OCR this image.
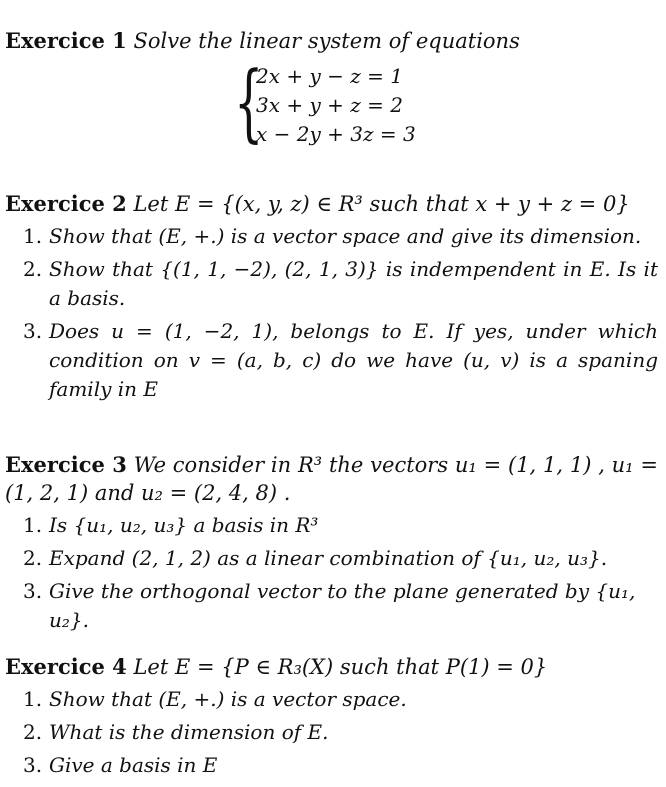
Exercice 1 Solve the linear system of equations
{
2x + y − z = 1
3x + y + z = 2
x − 2y + 3z = 3
Exercice 2 Let E = {(x, y, z) ∈ R³ such that x + y + z = 0}
1. Show that (E, +.) is a vector space and give its dimension.
2. Show that {(1, 1, −2), (2, 1, 3)} is indempendent in E. Is it a basis.
3. Does u = (1, −2, 1), belongs to E. If yes, under which condition on v = (a, b, c) do we have (u, v) is a spaning family in E
Exercice 3 We consider in R³ the vectors u₁ = (1, 1, 1) , u₁ = (1, 2, 1) and u₂ = (2, 4, 8) .
1. Is {u₁, u₂, u₃} a basis in R³
2. Expand (2, 1, 2) as a linear combination of {u₁, u₂, u₃}.
3. Give the orthogonal vector to the plane generated by {u₁, u₂}.
Exercice 4 Let E = {P ∈ R₃(X) such that P(1) = 0}
1. Show that (E, +.) is a vector space.
2. What is the dimension of E.
3. Give a basis in E
